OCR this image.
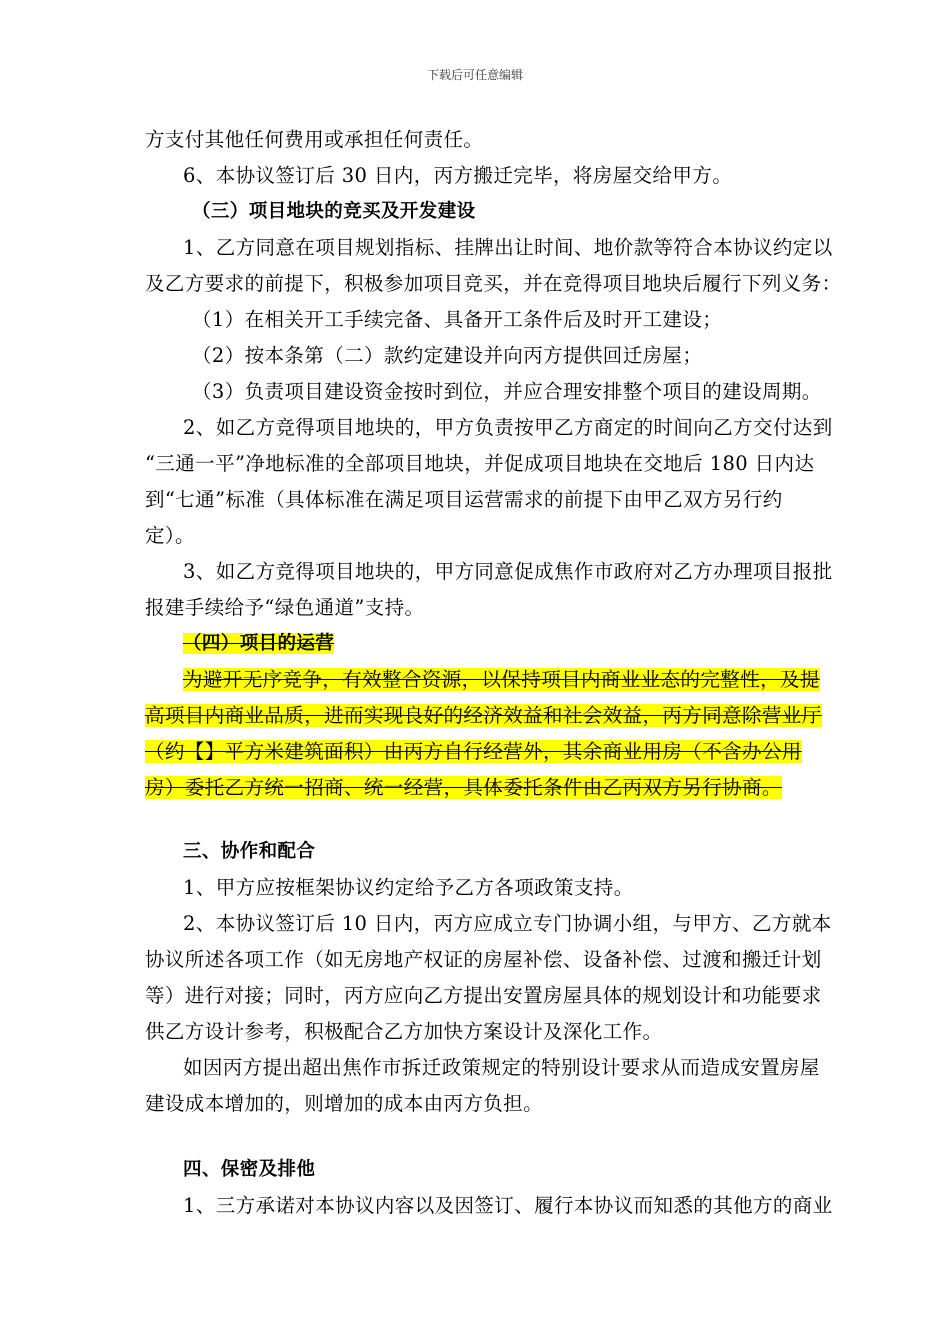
下载后可任意编辑
方支付其他任何费用或承担任何责任。
6、本协议签订后 30 日内，丙方搬迁完毕，将房屋交给甲方。
（三）项目地块的竞买及开发建设
1、乙方同意在项目规划指标、挂牌出让时间、地价款等符合本协议约定以
及乙方要求的前提下，积极参加项目竞买，并在竞得项目地块后履行下列义务：
（1）在相关开工手续完备、具备开工条件后及时开工建设；
（2）按本条第（二）款约定建设并向丙方提供回迁房屋；
（3）负责项目建设资金按时到位，并应合理安排整个项目的建设周期。
2、如乙方竞得项目地块的，甲方负责按甲乙方商定的时间向乙方交付达到
“三通一平”净地标准的全部项目地块，并促成项目地块在交地后 180 日内达
到“七通”标准（具体标准在满足项目运营需求的前提下由甲乙双方另行约
定）。
3、如乙方竞得项目地块的，甲方同意促成焦作市政府对乙方办理项目报批
报建手续给予“绿色通道”支持。
（四）项目的运营
为避开无序竞争，有效整合资源，以保持项目内商业业态的完整性，及提
高项目内商业品质，进而实现良好的经济效益和社会效益，丙方同意除营业厅
（约【】平方米建筑面积）由丙方自行经营外，其余商业用房（不含办公用
房）委托乙方统一招商、统一经营，具体委托条件由乙丙双方另行协商。
三、协作和配合
1、甲方应按框架协议约定给予乙方各项政策支持。
2、本协议签订后 10 日内，丙方应成立专门协调小组，与甲方、乙方就本
协议所述各项工作（如无房地产权证的房屋补偿、设备补偿、过渡和搬迁计划
等）进行对接；同时，丙方应向乙方提出安置房屋具体的规划设计和功能要求
供乙方设计参考，积极配合乙方加快方案设计及深化工作。
如因丙方提出超出焦作市拆迁政策规定的特别设计要求从而造成安置房屋
建设成本增加的，则增加的成本由丙方负担。
四、保密及排他
1、三方承诺对本协议内容以及因签订、履行本协议而知悉的其他方的商业
